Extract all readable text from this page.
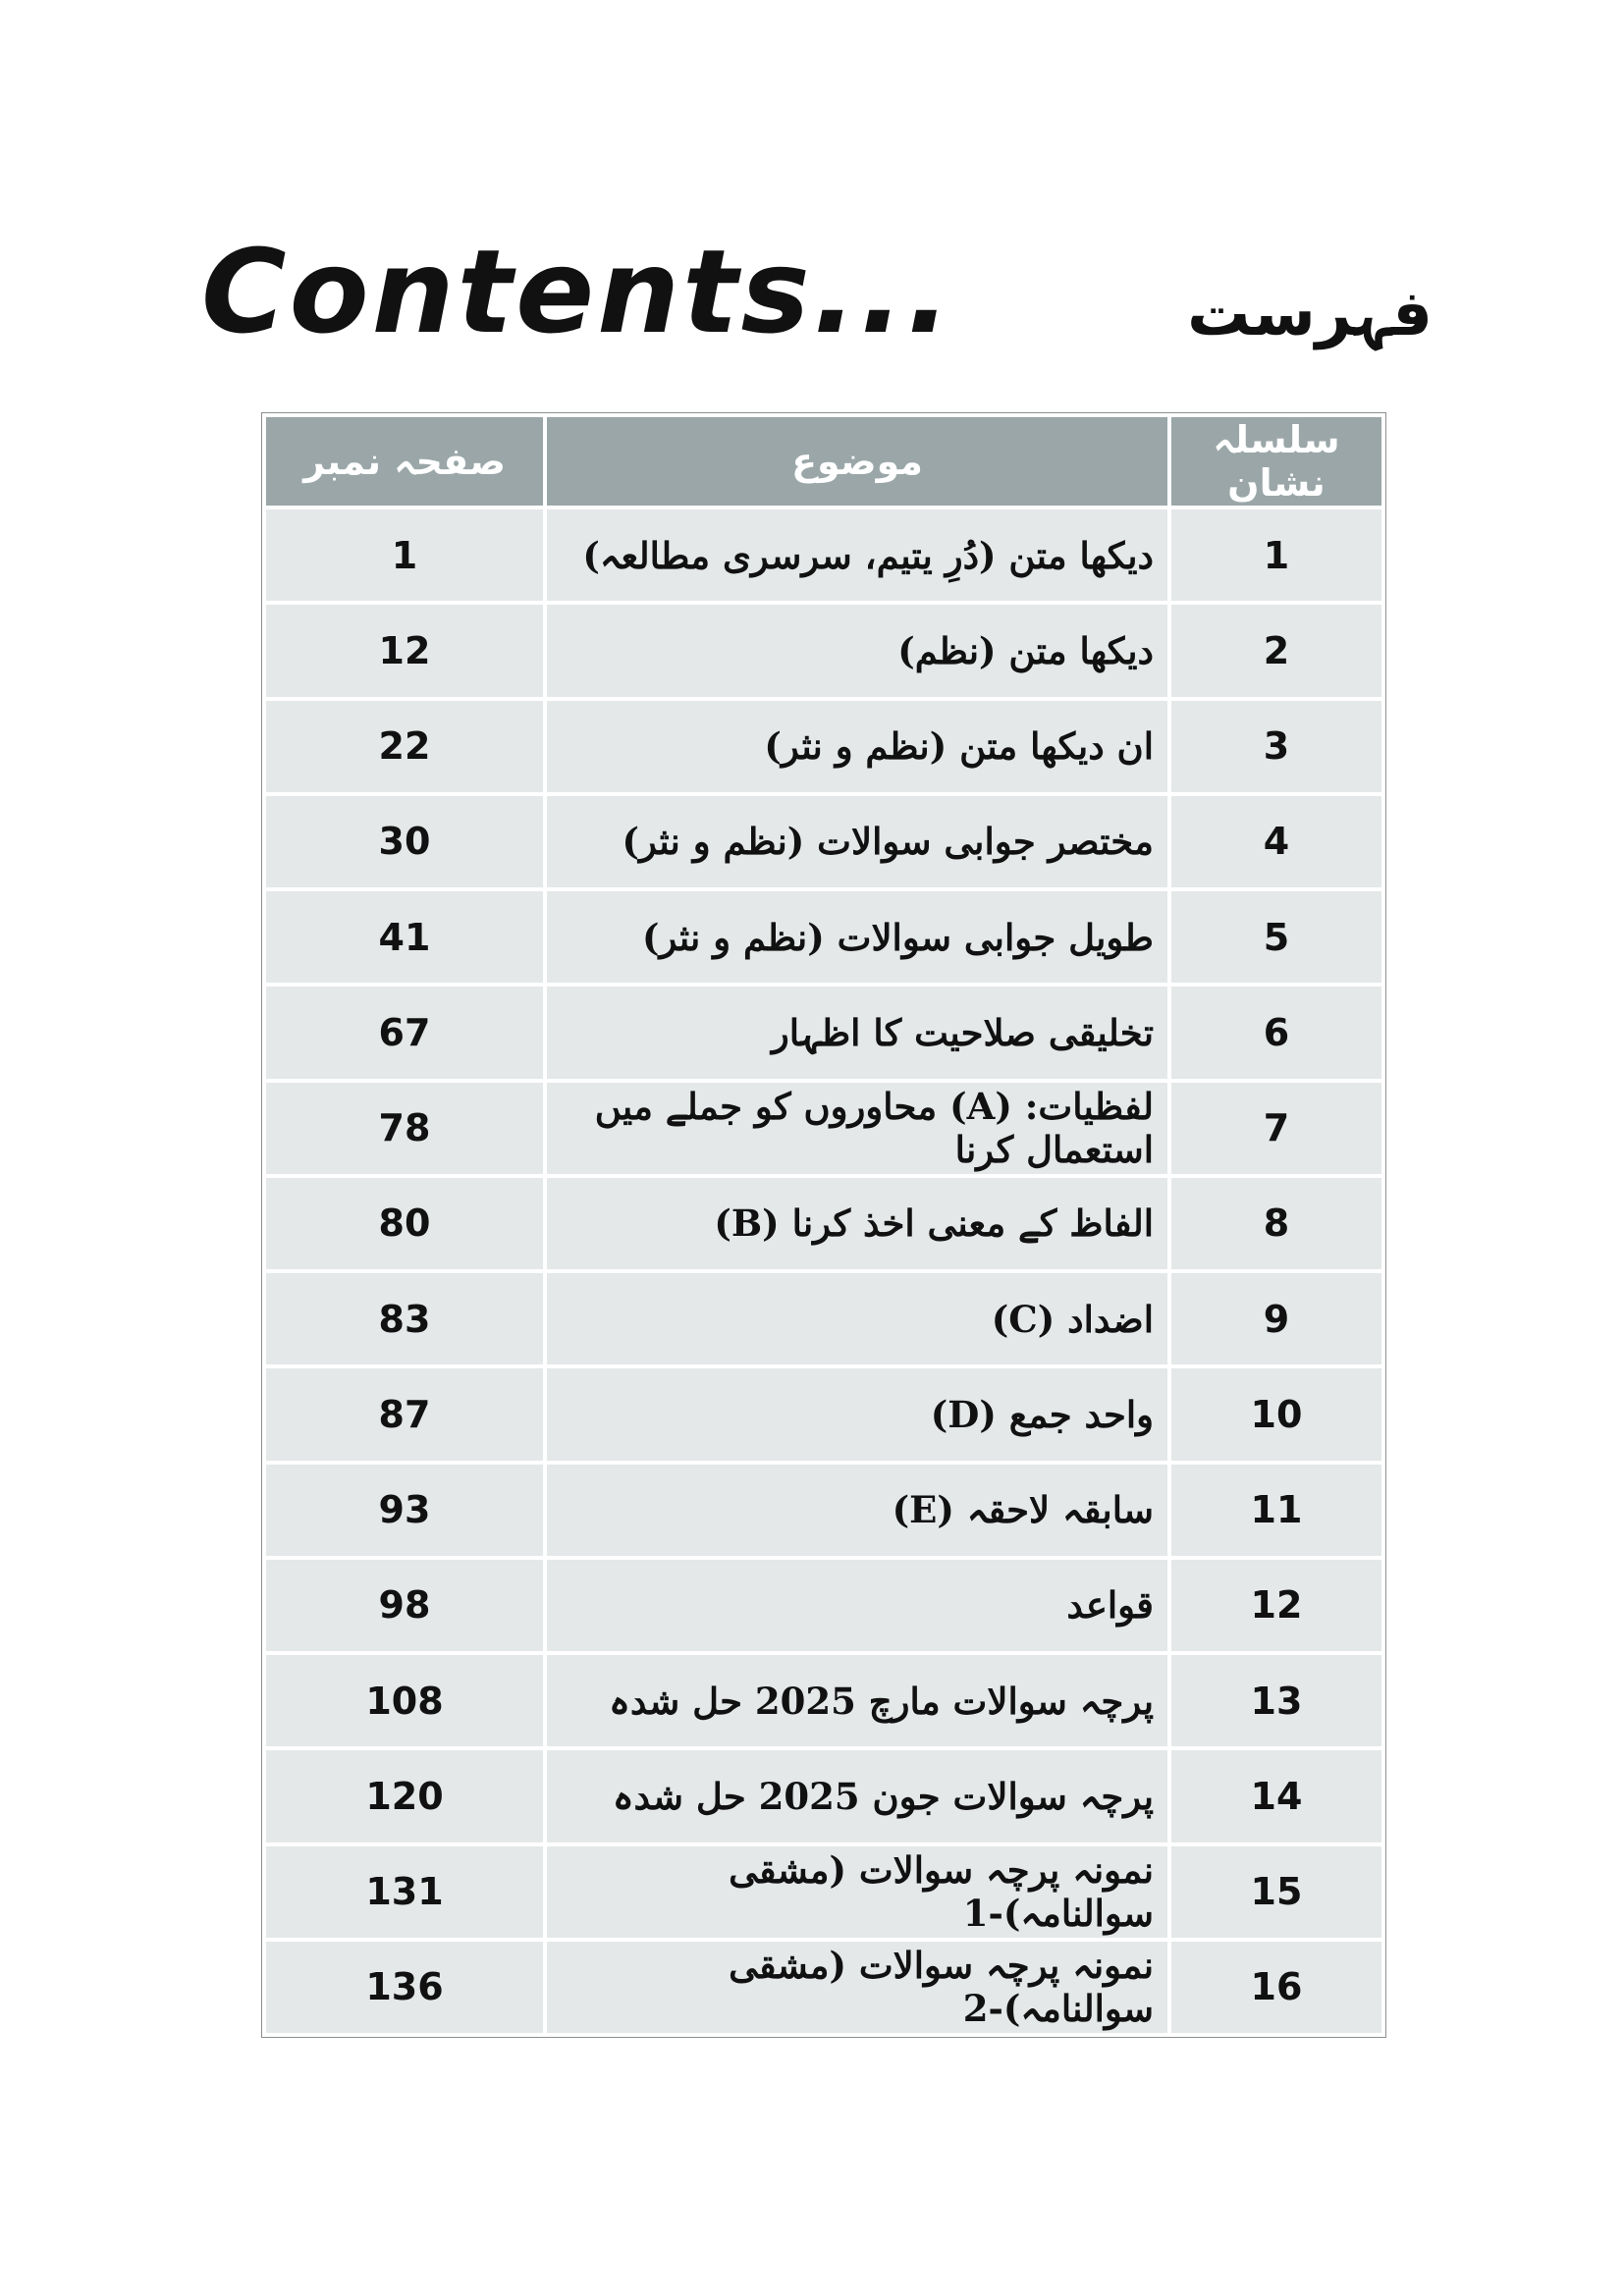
Contents...	فہرست
صفحہ نمبر	موضوع	سلسلہ نشان
1	دیکھا متن (دُرِ یتیم، سرسری مطالعہ)	1
12	دیکھا متن (نظم)	2
22	ان دیکھا متن (نظم و نثر)	3
30	مختصر جوابی سوالات (نظم و نثر)	4
41	طویل جوابی سوالات (نظم و نثر)	5
67	تخلیقی صلاحیت کا اظہار	6
78	لفظیات: (A) محاوروں کو جملے میں استعمال کرنا	7
80	(B) الفاظ کے معنی اخذ کرنا	8
83	(C) اضداد	9
87	(D) واحد جمع	10
93	(E) سابقہ لاحقہ	11
98	قواعد	12
108	پرچہ سوالات مارچ 2025 حل شدہ	13
120	پرچہ سوالات جون 2025 حل شدہ	14
131	نمونہ پرچہ سوالات (مشقی سوالنامہ)-1	15
136	نمونہ پرچہ سوالات (مشقی سوالنامہ)-2	16
